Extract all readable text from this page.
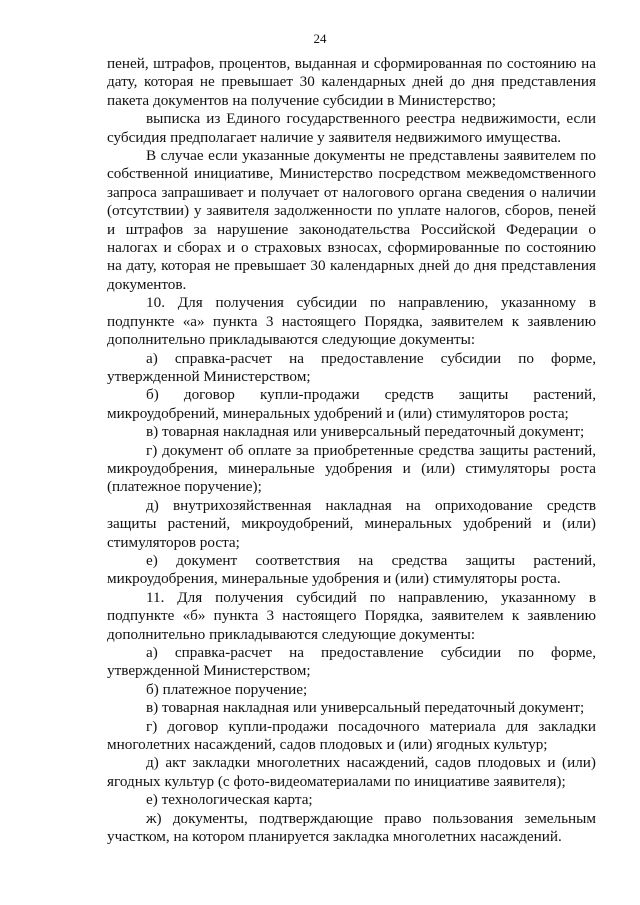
24

пеней, штрафов, процентов, выданная и сформированная по состоянию на дату, которая не превышает 30 календарных дней до дня представления пакета документов на получение субсидии в Министерство;

выписка из Единого государственного реестра недвижимости, если субсидия предполагает наличие у заявителя недвижимого имущества.

В случае если указанные документы не представлены заявителем по собственной инициативе, Министерство посредством межведомственного запроса запрашивает и получает от налогового органа сведения о наличии (отсутствии) у заявителя задолженности по уплате налогов, сборов, пеней и штрафов за нарушение законодательства Российской Федерации о налогах и сборах и о страховых взносах, сформированные по состоянию на дату, которая не превышает 30 календарных дней до дня представления документов.

10. Для получения субсидии по направлению, указанному в подпункте «а» пункта 3 настоящего Порядка, заявителем к заявлению дополнительно прикладываются следующие документы:

а) справка-расчет на предоставление субсидии по форме, утвержденной Министерством;

б) договор купли-продажи средств защиты растений, микроудобрений, минеральных удобрений и (или) стимуляторов роста;

в) товарная накладная или универсальный передаточный документ;

г) документ об оплате за приобретенные средства защиты растений, микроудобрения, минеральные удобрения и (или) стимуляторы роста (платежное поручение);

д) внутрихозяйственная накладная на оприходование средств защиты растений, микроудобрений, минеральных удобрений и (или) стимуляторов роста;

е) документ соответствия на средства защиты растений, микроудобрения, минеральные удобрения и (или) стимуляторы роста.

11. Для получения субсидий по направлению, указанному в подпункте «б» пункта 3 настоящего Порядка, заявителем к заявлению дополнительно прикладываются следующие документы:

а) справка-расчет на предоставление субсидии по форме, утвержденной Министерством;

б) платежное поручение;

в) товарная накладная или универсальный передаточный документ;

г) договор купли-продажи посадочного материала для закладки многолетних насаждений, садов плодовых и (или) ягодных культур;

д) акт закладки многолетних насаждений, садов плодовых и (или) ягодных культур (с фото-видеоматериалами по инициативе заявителя);

е) технологическая карта;

ж) документы, подтверждающие право пользования земельным участком, на котором планируется закладка многолетних насаждений.
